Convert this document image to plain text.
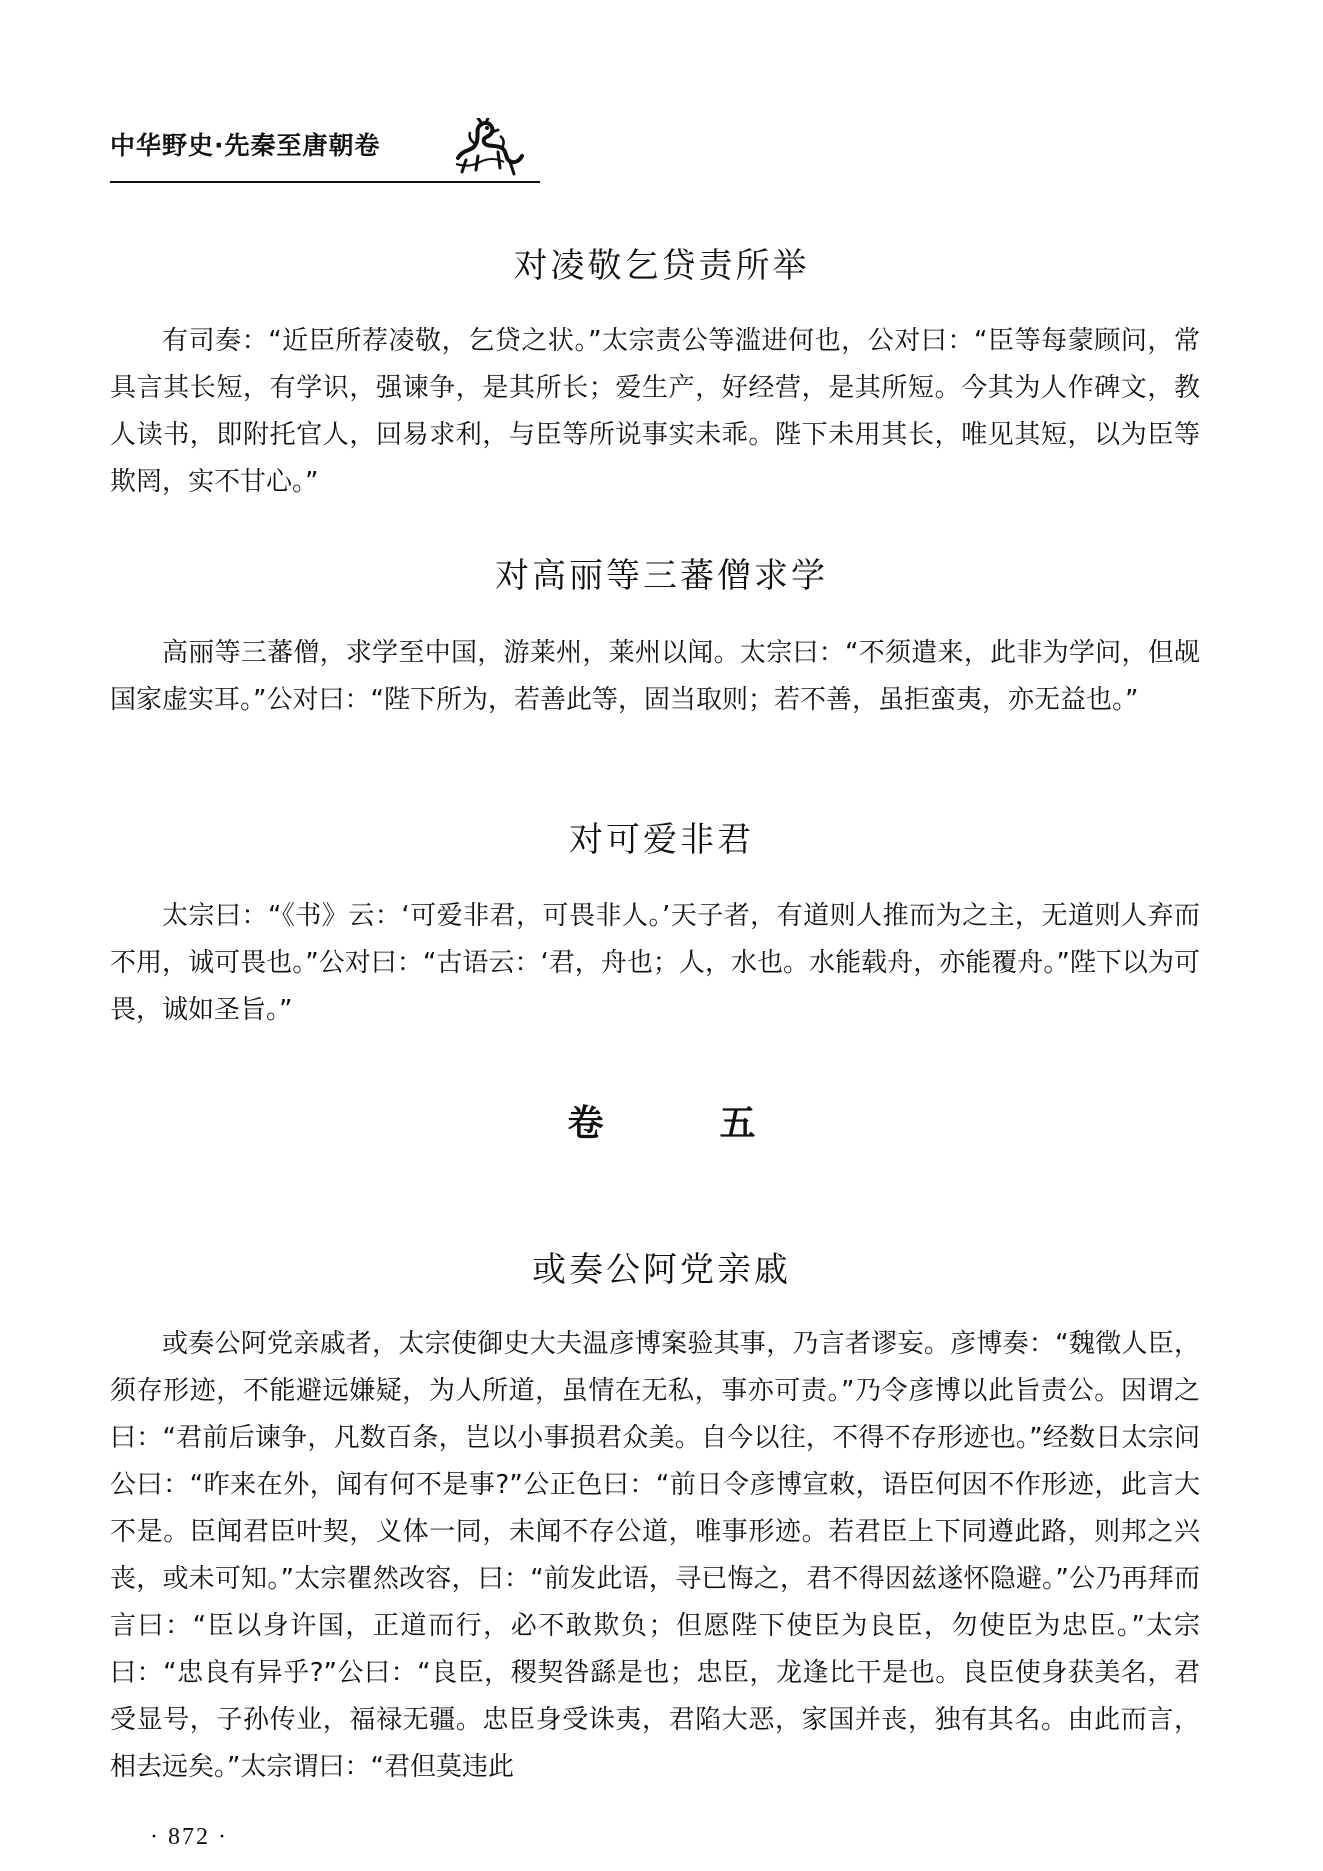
中华野史·先秦至唐朝卷
对凌敬乞贷责所举

有司奏：“近臣所荐凌敬，乞贷之状。”太宗责公等滥进何也，公对曰：“臣等每蒙顾问，常具言其长短，有学识，强谏争，是其所长；爱生产，好经营，是其所短。今其为人作碑文，教人读书，即附托官人，回易求利，与臣等所说事实未乖。陛下未用其长，唯见其短，以为臣等欺罔，实不甘心。”

对高丽等三蕃僧求学

高丽等三蕃僧，求学至中国，游莱州，莱州以闻。太宗曰：“不须遣来，此非为学问，但觇国家虚实耳。”公对曰：“陛下所为，若善此等，固当取则；若不善，虽拒蛮夷，亦无益也。”

对可爱非君

太宗曰：“《书》云：‘可爱非君，可畏非人。’天子者，有道则人推而为之主，无道则人弃而不用，诚可畏也。”公对曰：“古语云：‘君，舟也；人，水也。水能载舟，亦能覆舟。”陛下以为可畏，诚如圣旨。”

卷　五
或奏公阿党亲戚

或奏公阿党亲戚者，太宗使御史大夫温彦博案验其事，乃言者谬妄。彦博奏：“魏徵人臣，须存形迹，不能避远嫌疑，为人所道，虽情在无私，事亦可责。”乃令彦博以此旨责公。因谓之曰：“君前后谏争，凡数百条，岂以小事损君众美。自今以往，不得不存形迹也。”经数日太宗问公曰：“昨来在外，闻有何不是事?”公正色曰：“前日令彦博宣敕，语臣何因不作形迹，此言大不是。臣闻君臣叶契，义体一同，未闻不存公道，唯事形迹。若君臣上下同遵此路，则邦之兴丧，或未可知。”太宗瞿然改容，曰：“前发此语，寻已悔之，君不得因兹遂怀隐避。”公乃再拜而言曰：“臣以身许国，正道而行，必不敢欺负；但愿陛下使臣为良臣，勿使臣为忠臣。”太宗曰：“忠良有异乎?”公曰：“良臣，稷契咎繇是也；忠臣，龙逢比干是也。良臣使身获美名，君受显号，子孙传业，福禄无疆。忠臣身受诛夷，君陷大恶，家国并丧，独有其名。由此而言，相去远矣。”太宗谓曰：“君但莫违此

· 872 ·
